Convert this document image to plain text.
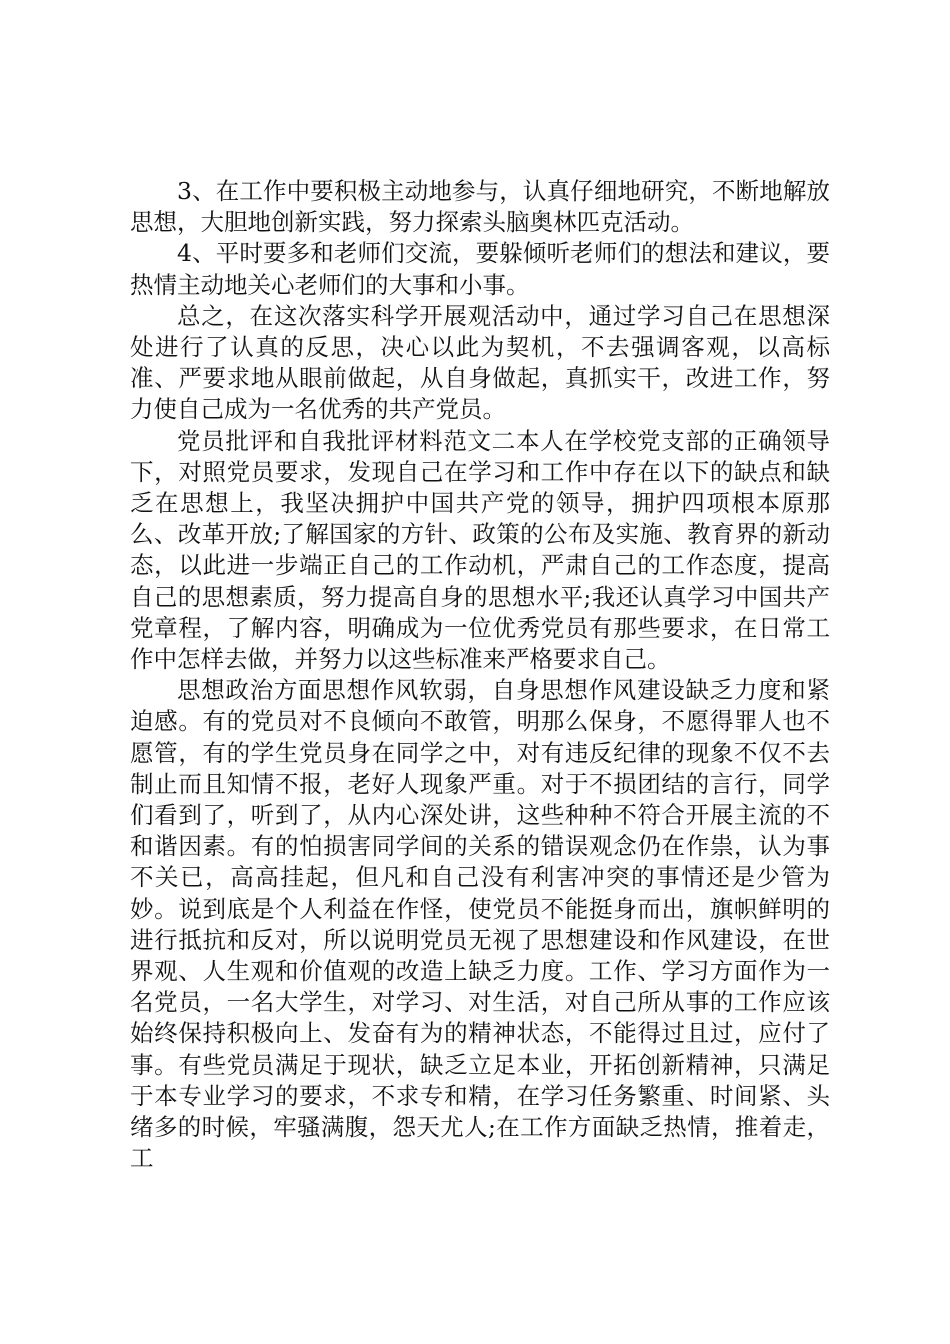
3、在工作中要积极主动地参与，认真仔细地研究，不断地解放思想，大胆地创新实践，努力探索头脑奥林匹克活动。

4、平时要多和老师们交流，要躲倾听老师们的想法和建议，要热情主动地关心老师们的大事和小事。

总之，在这次落实科学开展观活动中，通过学习自己在思想深处进行了认真的反思，决心以此为契机，不去强调客观，以高标准、严要求地从眼前做起，从自身做起，真抓实干，改进工作，努力使自己成为一名优秀的共产党员。

党员批评和自我批评材料范文二本人在学校党支部的正确领导下，对照党员要求，发现自己在学习和工作中存在以下的缺点和缺乏在思想上，我坚决拥护中国共产党的领导，拥护四项根本原那么、改革开放;了解国家的方针、政策的公布及实施、教育界的新动态，以此进一步端正自己的工作动机，严肃自己的工作态度，提高自己的思想素质，努力提高自身的思想水平;我还认真学习中国共产党章程，了解内容，明确成为一位优秀党员有那些要求，在日常工作中怎样去做，并努力以这些标准来严格要求自己。

思想政治方面思想作风软弱，自身思想作风建设缺乏力度和紧迫感。有的党员对不良倾向不敢管，明那么保身，不愿得罪人也不愿管，有的学生党员身在同学之中，对有违反纪律的现象不仅不去制止而且知情不报，老好人现象严重。对于不损团结的言行，同学们看到了，听到了，从内心深处讲，这些种种不符合开展主流的不和谐因素。有的怕损害同学间的关系的错误观念仍在作祟，认为事不关已，高高挂起，但凡和自己没有利害冲突的事情还是少管为妙。说到底是个人利益在作怪，使党员不能挺身而出，旗帜鲜明的进行抵抗和反对，所以说明党员无视了思想建设和作风建设，在世界观、人生观和价值观的改造上缺乏力度。工作、学习方面作为一名党员，一名大学生，对学习、对生活，对自己所从事的工作应该始终保持积极向上、发奋有为的精神状态，不能得过且过，应付了事。有些党员满足于现状，缺乏立足本业，开拓创新精神，只满足于本专业学习的要求，不求专和精，在学习任务繁重、时间紧、头绪多的时候，牢骚满腹，怨天尤人;在工作方面缺乏热情，推着走，工
